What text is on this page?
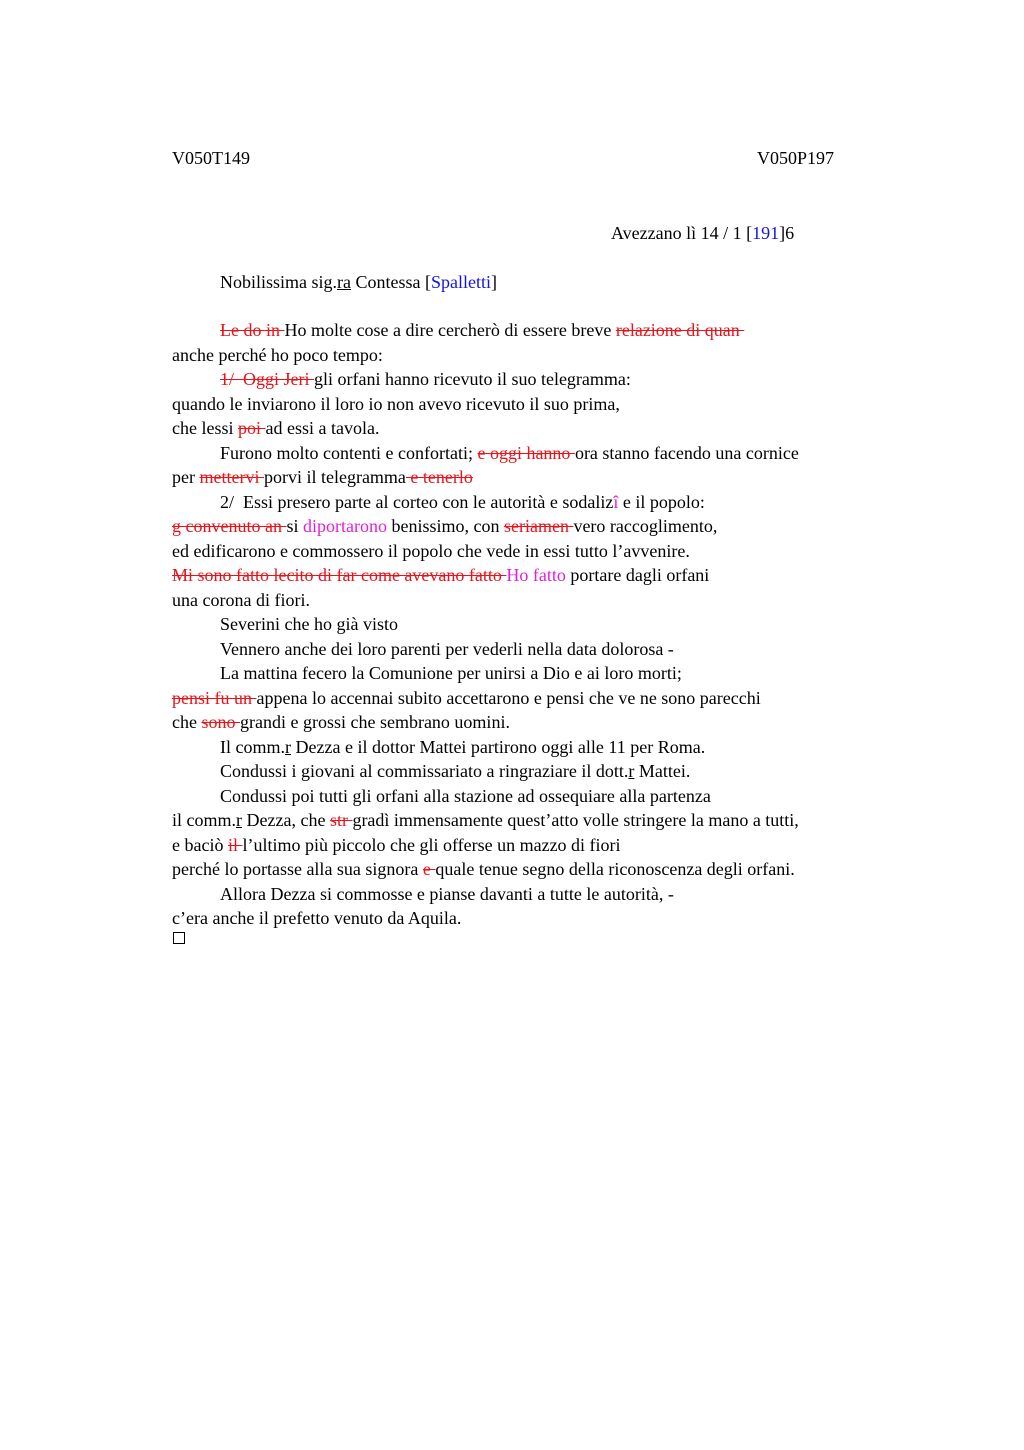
V050T149	V050P197
Avezzano lì 14 / 1 [191]6
Nobilissima sig.ra Contessa [Spalletti]
Le do in Ho molte cose a dire cercherò di essere breve relazione di quan
anche perché ho poco tempo:
1/  Oggi Jeri gli orfani hanno ricevuto il suo telegramma:
quando le inviarono il loro io non avevo ricevuto il suo prima,
che lessi poi ad essi a tavola.
Furono molto contenti e confortati; e oggi hanno ora stanno facendo una cornice
per mettervi porvi il telegramma e tenerlo
2/  Essi presero parte al corteo con le autorità e sodalizî e il popolo:
g convenuto an si diportarono benissimo, con seriamen vero raccoglimento,
ed edificarono e commossero il popolo che vede in essi tutto l’avvenire.
Mi sono fatto lecito di far come avevano fatto Ho fatto portare dagli orfani
una corona di fiori.
Severini che ho già visto
Vennero anche dei loro parenti per vederli nella data dolorosa -
La mattina fecero la Comunione per unirsi a Dio e ai loro morti;
pensi fu un appena lo accennai subito accettarono e pensi che ve ne sono parecchi
che sono grandi e grossi che sembrano uomini.
Il comm.r Dezza e il dottor Mattei partirono oggi alle 11 per Roma.
Condussi i giovani al commissariato a ringraziare il dott.r Mattei.
Condussi poi tutti gli orfani alla stazione ad ossequiare alla partenza
il comm.r Dezza, che str gradì immensamente quest’atto volle stringere la mano a tutti,
e baciò il l’ultimo più piccolo che gli offerse un mazzo di fiori
perché lo portasse alla sua signora e quale tenue segno della riconoscenza degli orfani.
Allora Dezza si commosse e pianse davanti a tutte le autorità, -
c’era anche il prefetto venuto da Aquila.
